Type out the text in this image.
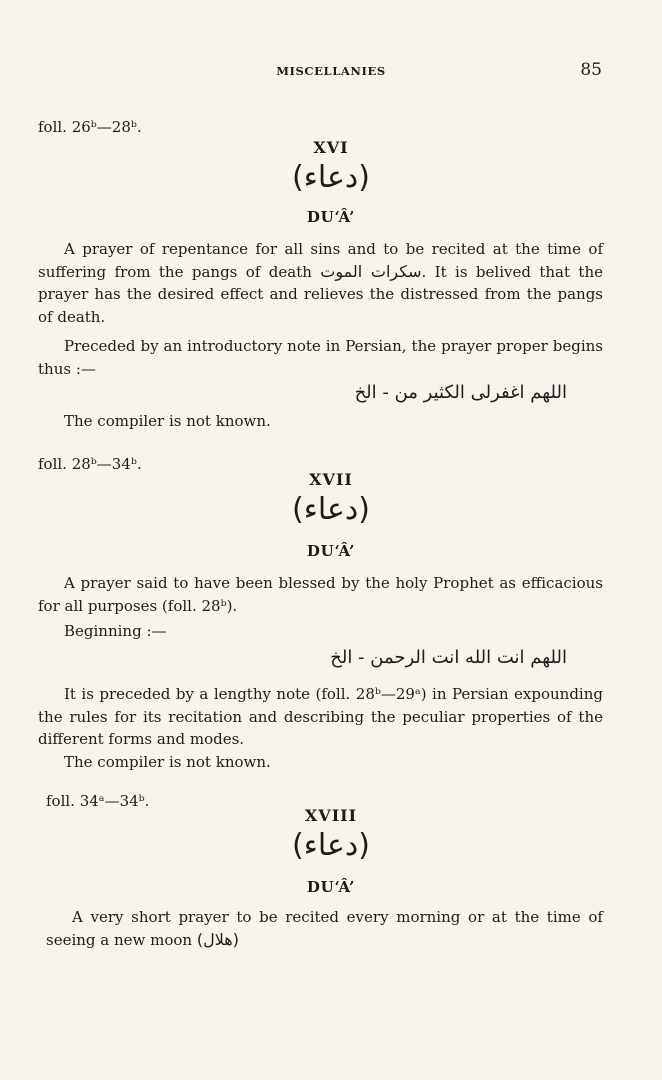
MISCELLANIES	85
foll. 26ᵇ—28ᵇ.
XVI
(دعاء)
DU‘Â’
A prayer of repentance for all sins and to be recited at the time of suffering from the pangs of death سکرات الموت. It is belived that the prayer has the desired effect and relieves the distressed from the pangs of death.
Preceded by an introductory note in Persian, the prayer proper begins thus :—
اللهم اغفرلی الکثیر من - الخ
The compiler is not known.
foll. 28ᵇ—34ᵇ.
XVII
(دعاء)
DU‘Â’
A prayer said to have been blessed by the holy Prophet as efficacious for all purposes (foll. 28ᵇ).
Beginning :—
اللهم انت الله انت الرحمن - الخ
It is preceded by a lengthy note (foll. 28ᵇ—29ᵃ) in Persian expounding the rules for its recitation and describing the peculiar properties of the different forms and modes.
The compiler is not known.
foll. 34ᵃ—34ᵇ.
XVIII
(دعاء)
DU‘Â’
A very short prayer to be recited every morning or at the time of seeing a new moon (هلال)
